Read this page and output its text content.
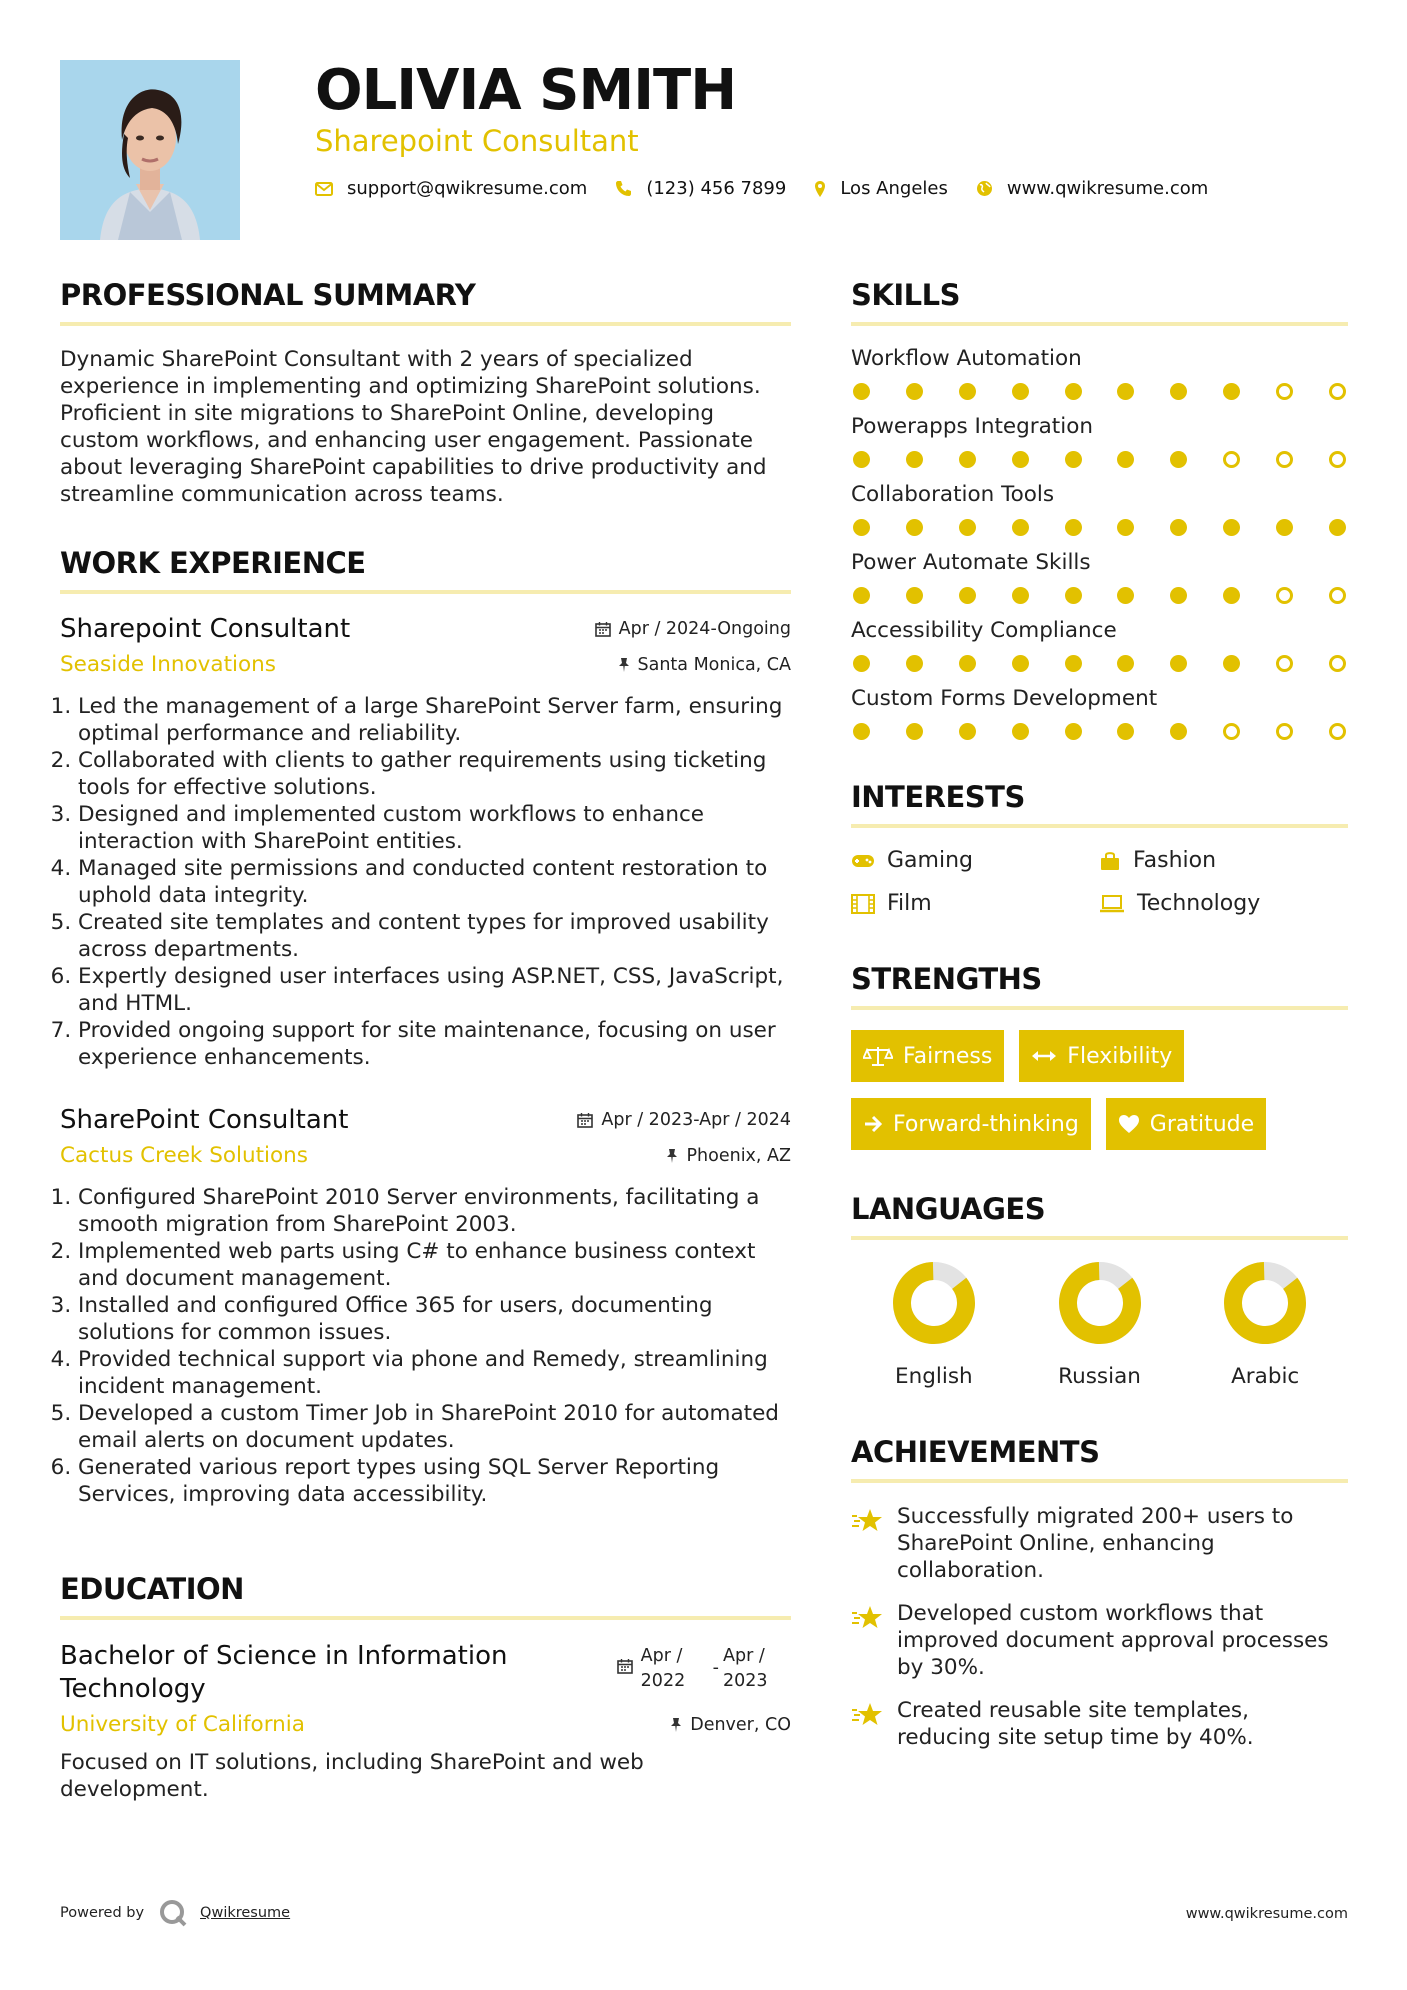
OLIVIA SMITH
Sharepoint Consultant
support@qwikresume.com	(123) 456 7899	Los Angeles	www.qwikresume.com
PROFESSIONAL SUMMARY

Dynamic SharePoint Consultant with 2 years of specialized experience in implementing and optimizing SharePoint solutions. Proficient in site migrations to SharePoint Online, developing custom workflows, and enhancing user engagement. Passionate about leveraging SharePoint capabilities to drive productivity and streamline communication across teams.

WORK EXPERIENCE
Sharepoint Consultant	Apr / 2024-Ongoing
Seaside Innovations	Santa Monica, CA
1. Led the management of a large SharePoint Server farm, ensuring optimal performance and reliability.
2. Collaborated with clients to gather requirements using ticketing tools for effective solutions.
3. Designed and implemented custom workflows to enhance interaction with SharePoint entities.
4. Managed site permissions and conducted content restoration to uphold data integrity.
5. Created site templates and content types for improved usability across departments.
6. Expertly designed user interfaces using ASP.NET, CSS, JavaScript, and HTML.
7. Provided ongoing support for site maintenance, focusing on user experience enhancements.
SharePoint Consultant	Apr / 2023-Apr / 2024
Cactus Creek Solutions	Phoenix, AZ
1. Configured SharePoint 2010 Server environments, facilitating a smooth migration from SharePoint 2003.
2. Implemented web parts using C# to enhance business context and document management.
3. Installed and configured Office 365 for users, documenting solutions for common issues.
4. Provided technical support via phone and Remedy, streamlining incident management.
5. Developed a custom Timer Job in SharePoint 2010 for automated email alerts on document updates.
6. Generated various report types using SQL Server Reporting Services, improving data accessibility.
EDUCATION
Bachelor of Science in Information Technology
Apr /
2022
-
Apr /
2023
University of California	Denver, CO

Focused on IT solutions, including SharePoint and web development.

SKILLS
Workflow Automation
Powerapps Integration
Collaboration Tools
Power Automate Skills
Accessibility Compliance
Custom Forms Development
INTERESTS
Gaming	Fashion
Film	Technology
STRENGTHS
Fairness	Flexibility
Forward-thinking	Gratitude
LANGUAGES
English	Russian	Arabic
ACHIEVEMENTS
Successfully migrated 200+ users to SharePoint Online, enhancing collaboration.
Developed custom workflows that improved document approval processes by 30%.
Created reusable site templates, reducing site setup time by 40%.
Powered by	Qwikresume	www.qwikresume.com
